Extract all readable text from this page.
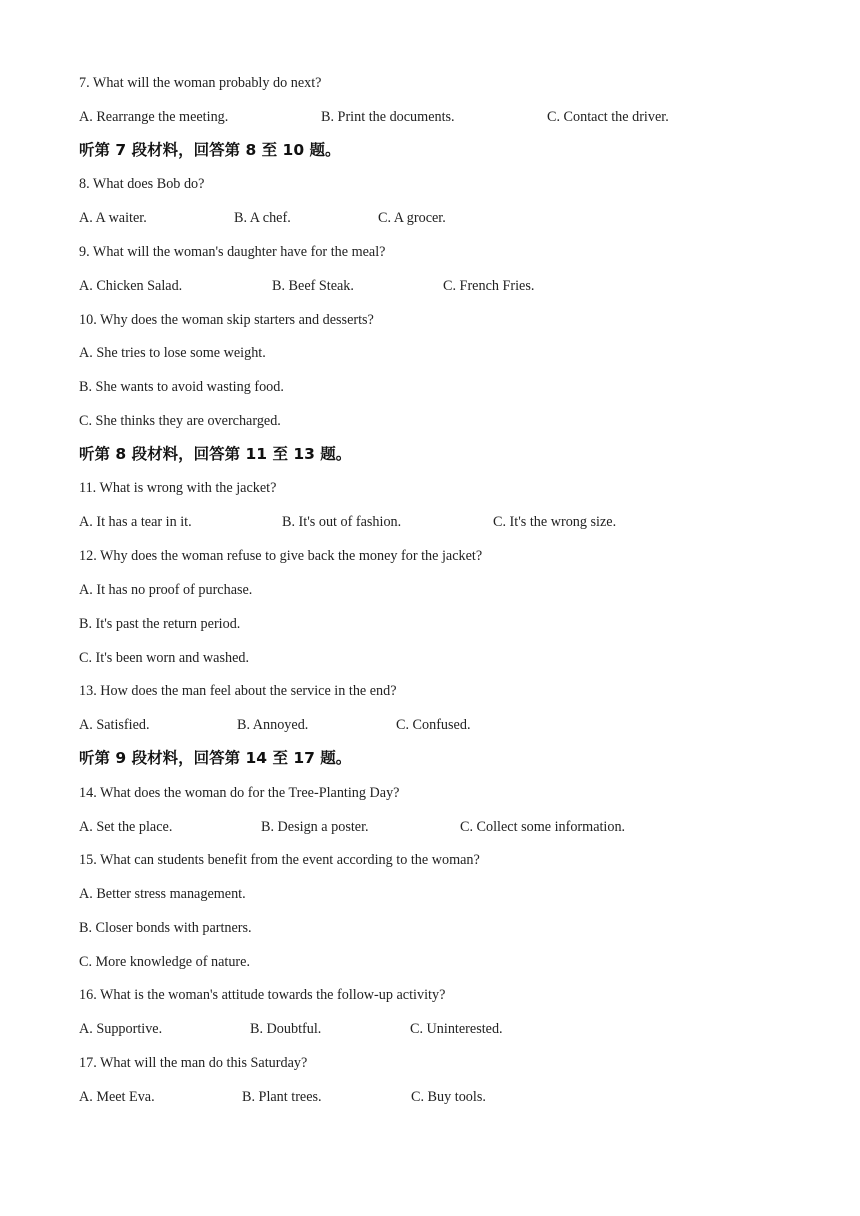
7. What will the woman probably do next?
A. Rearrange the meeting.	B. Print the documents.	C. Contact the driver.
听第 7 段材料，回答第 8 至 10 题。
8. What does Bob do?
A. A waiter.	B. A chef.	C. A grocer.
9. What will the woman's daughter have for the meal?
A. Chicken Salad.	B. Beef Steak.	C. French Fries.
10. Why does the woman skip starters and desserts?
A. She tries to lose some weight.
B. She wants to avoid wasting food.
C. She thinks they are overcharged.
听第 8 段材料，回答第 11 至 13 题。
11. What is wrong with the jacket?
A. It has a tear in it.	B. It's out of fashion.	C. It's the wrong size.
12. Why does the woman refuse to give back the money for the jacket?
A. It has no proof of purchase.
B. It's past the return period.
C. It's been worn and washed.
13. How does the man feel about the service in the end?
A. Satisfied.	B. Annoyed.	C. Confused.
听第 9 段材料，回答第 14 至 17 题。
14. What does the woman do for the Tree-Planting Day?
A. Set the place.	B. Design a poster.	C. Collect some information.
15. What can students benefit from the event according to the woman?
A. Better stress management.
B. Closer bonds with partners.
C. More knowledge of nature.
16. What is the woman's attitude towards the follow-up activity?
A. Supportive.	B. Doubtful.	C. Uninterested.
17. What will the man do this Saturday?
A. Meet Eva.	B. Plant trees.	C. Buy tools.
